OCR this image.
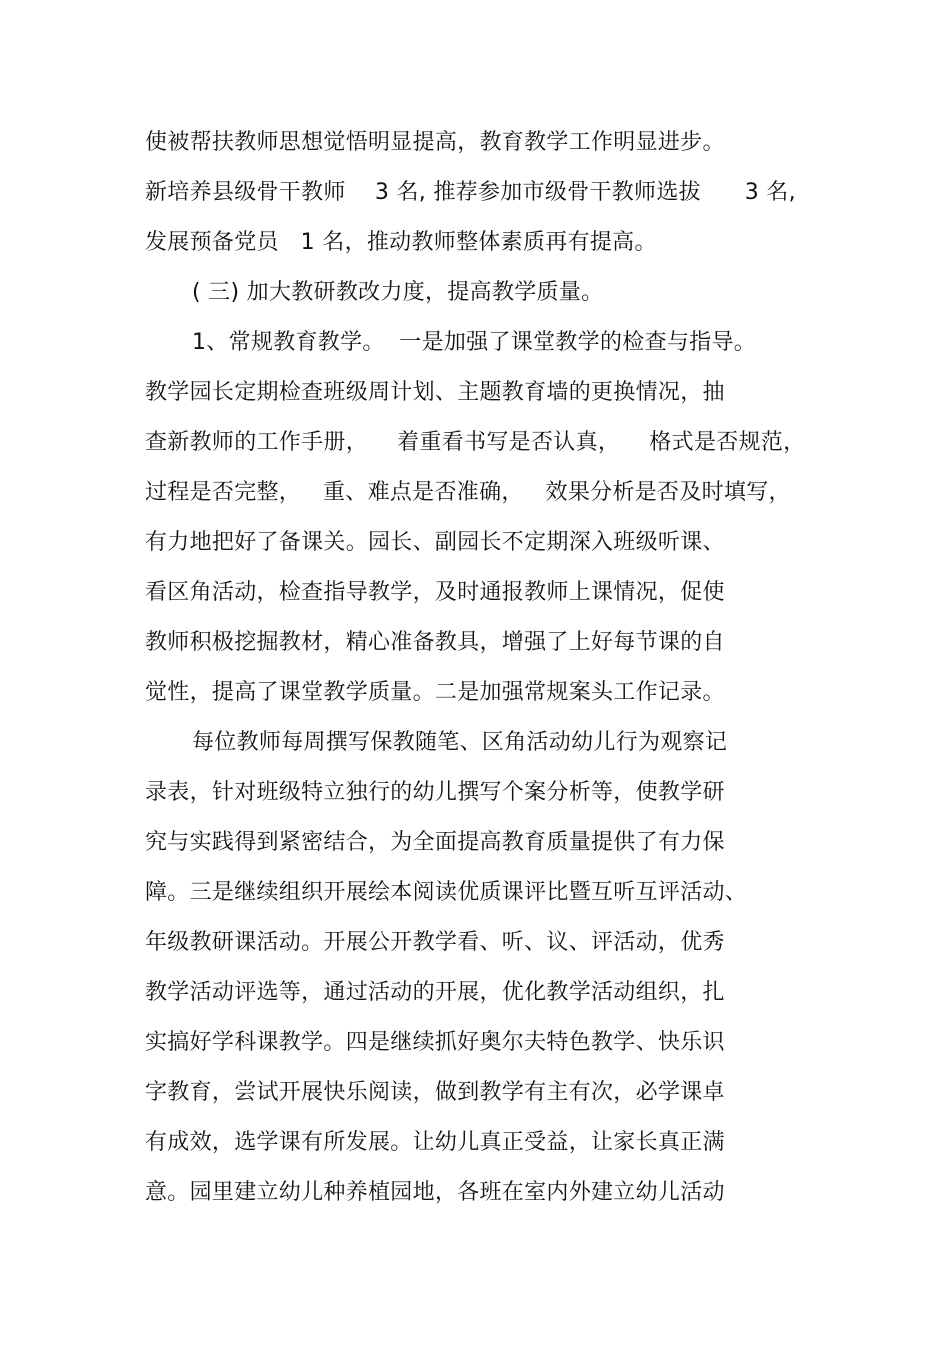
使被帮扶教师思想觉悟明显提高，教育教学工作明显进步。
新培养县级骨干教师    3 名, 推荐参加市级骨干教师选拔      3 名,
发展预备党员   1 名，推动教师整体素质再有提高。
( 三) 加大教研教改力度，提高教学质量。
1、常规教育教学。  一是加强了课堂教学的检查与指导。
教学园长定期检查班级周计划、主题教育墙的更换情况，抽
查新教师的工作手册，    着重看书写是否认真，    格式是否规范，
过程是否完整，   重、难点是否准确，   效果分析是否及时填写，
有力地把好了备课关。园长、副园长不定期深入班级听课、
看区角活动，检查指导教学，及时通报教师上课情况，促使
教师积极挖掘教材，精心准备教具，增强了上好每节课的自
觉性，提高了课堂教学质量。二是加强常规案头工作记录。
每位教师每周撰写保教随笔、区角活动幼儿行为观察记
录表，针对班级特立独行的幼儿撰写个案分析等，使教学研
究与实践得到紧密结合，为全面提高教育质量提供了有力保
障。三是继续组织开展绘本阅读优质课评比暨互听互评活动、
年级教研课活动。开展公开教学看、听、议、评活动，优秀
教学活动评选等，通过活动的开展，优化教学活动组织，扎
实搞好学科课教学。四是继续抓好奥尔夫特色教学、快乐识
字教育，尝试开展快乐阅读，做到教学有主有次，必学课卓
有成效，选学课有所发展。让幼儿真正受益，让家长真正满
意。园里建立幼儿种养植园地，各班在室内外建立幼儿活动
